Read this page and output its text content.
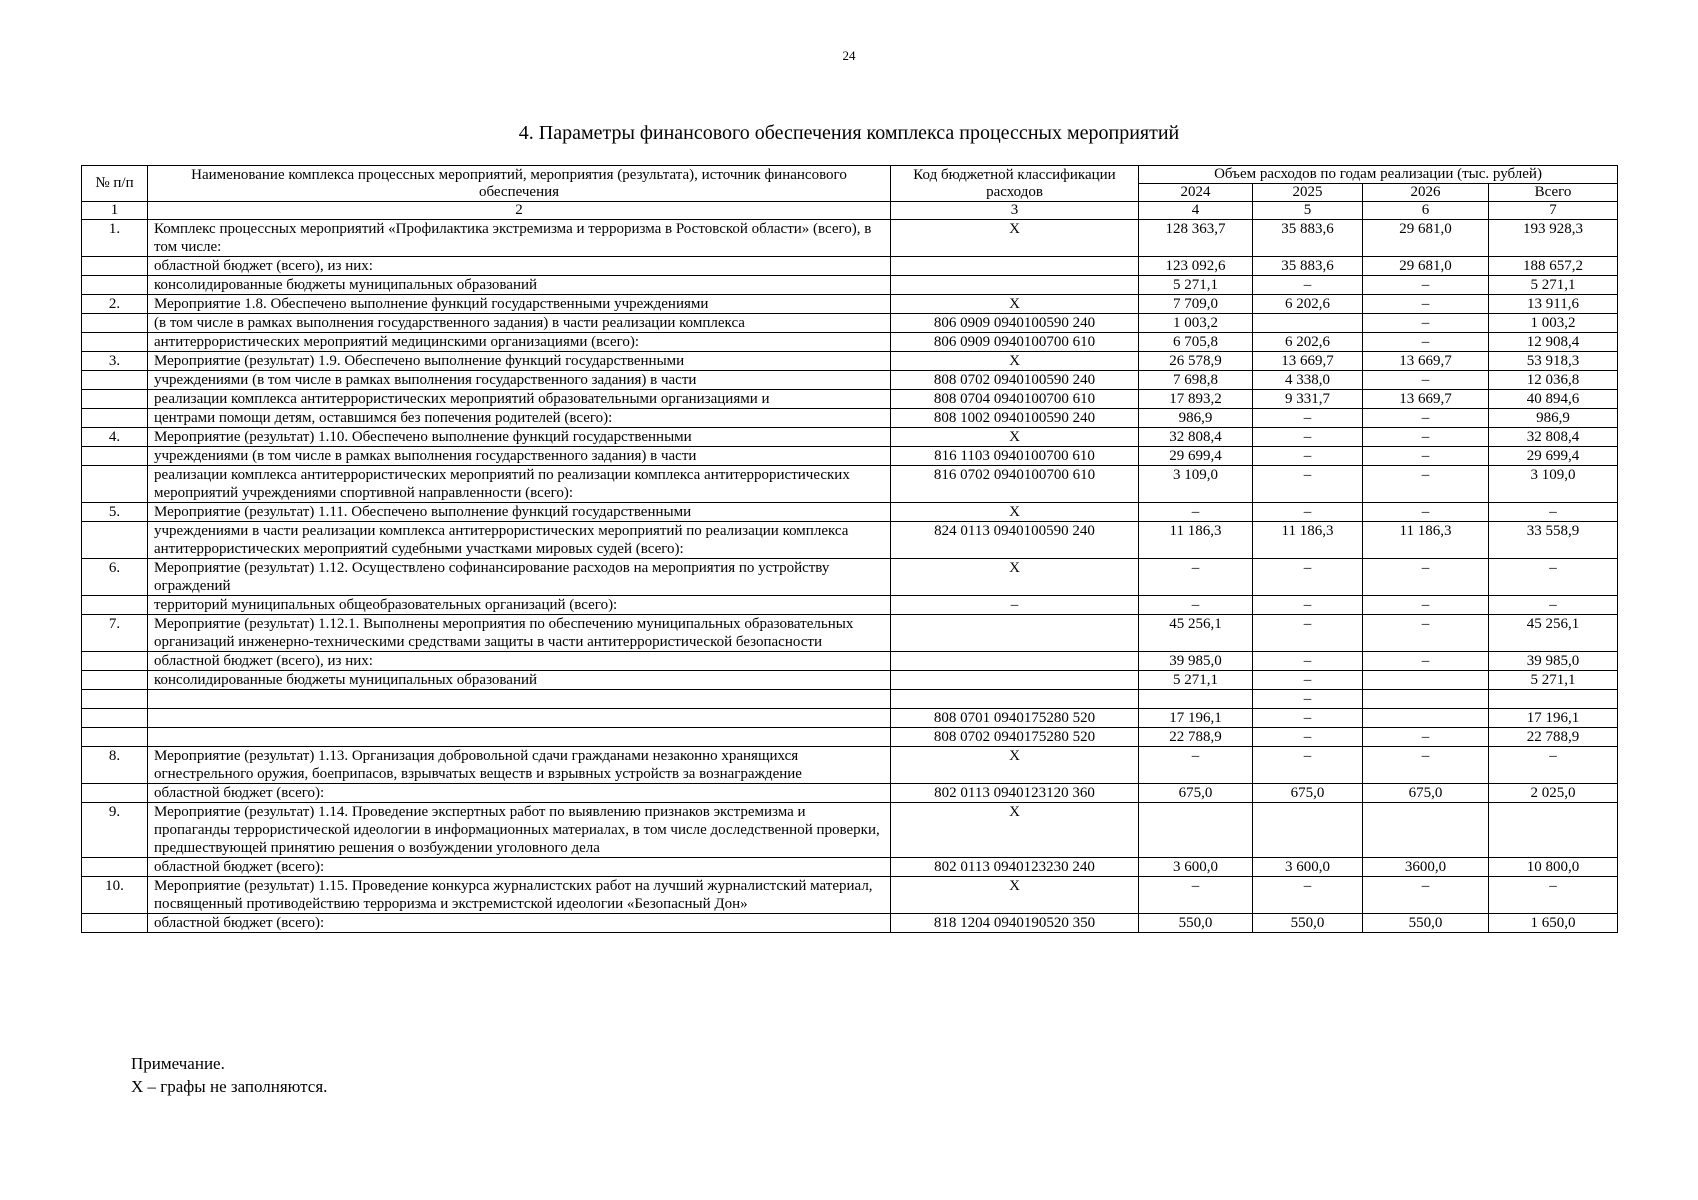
24
4. Параметры финансового обеспечения комплекса процессных мероприятий
№ п/п	Наименование комплекса процессных мероприятий, мероприятия (результата), источник финансового обеспечения	Код бюджетной классификации расходов	Объем расходов по годам реализации (тыс. рублей)			
			2024	2025	2026	Всего
1	2	3	4	5	6	7
1.	Комплекс процессных мероприятий «Профилактика экстремизма и терроризма в Ростовской области» (всего), в том числе:	Х	128 363,7	35 883,6	29 681,0	193 928,3
	областной бюджет (всего), из них:		123 092,6	35 883,6	29 681,0	188 657,2
	консолидированные бюджеты муниципальных образований		5 271,1	–	–	5 271,1
2.	Мероприятие 1.8. Обеспечено выполнение функций государственными учреждениями	Х	7 709,0	6 202,6	–	13 911,6
	(в том числе в рамках выполнения государственного задания) в части реализации комплекса	806 0909 0940100590 240	1 003,2		–	1 003,2
	антитеррористических мероприятий медицинскими организациями (всего):	806 0909 0940100700 610	6 705,8	6 202,6	–	12 908,4
3.	Мероприятие (результат) 1.9. Обеспечено выполнение функций государственными	Х	26 578,9	13 669,7	13 669,7	53 918,3
	учреждениями (в том числе в рамках выполнения государственного задания) в части	808 0702 0940100590 240	7 698,8	4 338,0	–	12 036,8
	реализации комплекса антитеррористических мероприятий образовательными организациями и	808 0704 0940100700 610	17 893,2	9 331,7	13 669,7	40 894,6
	центрами помощи детям, оставшимся без попечения родителей (всего):	808 1002 0940100590 240	986,9	–	–	986,9
4.	Мероприятие (результат) 1.10. Обеспечено выполнение функций государственными	Х	32 808,4	–	–	32 808,4
	учреждениями (в том числе в рамках выполнения государственного задания) в части	816 1103 0940100700 610	29 699,4	–	–	29 699,4
	реализации комплекса антитеррористических мероприятий по реализации комплекса антитеррористических мероприятий учреждениями спортивной направленности (всего):	816 0702 0940100700 610	3 109,0	–	–	3 109,0
5.	Мероприятие (результат) 1.11. Обеспечено выполнение функций государственными	Х	–	–	–	–
	учреждениями в части реализации комплекса антитеррористических мероприятий по реализации комплекса антитеррористических мероприятий судебными участками мировых судей (всего):	824 0113 0940100590 240	11 186,3	11 186,3	11 186,3	33 558,9
6.	Мероприятие (результат) 1.12. Осуществлено софинансирование расходов на мероприятия по устройству ограждений	Х	–	–	–	–
	территорий муниципальных общеобразовательных организаций (всего):	–	–	–	–	–
7.	Мероприятие (результат) 1.12.1. Выполнены мероприятия по обеспечению муниципальных образовательных организаций инженерно-техническими средствами защиты в части антитеррористической безопасности		45 256,1	–	–	45 256,1
	областной бюджет (всего), из них:		39 985,0	–	–	39 985,0
	консолидированные бюджеты муниципальных образований		5 271,1	–		5 271,1
				–		
		808 0701 0940175280 520	17 196,1	–		17 196,1
		808 0702 0940175280 520	22 788,9	–	–	22 788,9
8.	Мероприятие (результат) 1.13. Организация добровольной сдачи гражданами незаконно хранящихся огнестрельного оружия, боеприпасов, взрывчатых веществ и взрывных устройств за вознаграждение	Х	–	–	–	–
	областной бюджет (всего):	802 0113 0940123120 360	675,0	675,0	675,0	2 025,0
9.	Мероприятие (результат) 1.14. Проведение экспертных работ по выявлению признаков экстремизма и пропаганды террористической идеологии в информационных материалах, в том числе доследственной проверки, предшествующей принятию решения о возбуждении уголовного дела	Х				
	областной бюджет (всего):	802 0113 0940123230 240	3 600,0	3 600,0	3600,0	10 800,0
10.	Мероприятие (результат) 1.15. Проведение конкурса журналистских работ на лучший журналистский материал, посвященный противодействию терроризма и экстремистской идеологии «Безопасный Дон»	Х	–	–	–	–
	областной бюджет (всего):	818 1204 0940190520 350	550,0	550,0	550,0	1 650,0
Примечание.
Х – графы не заполняются.
